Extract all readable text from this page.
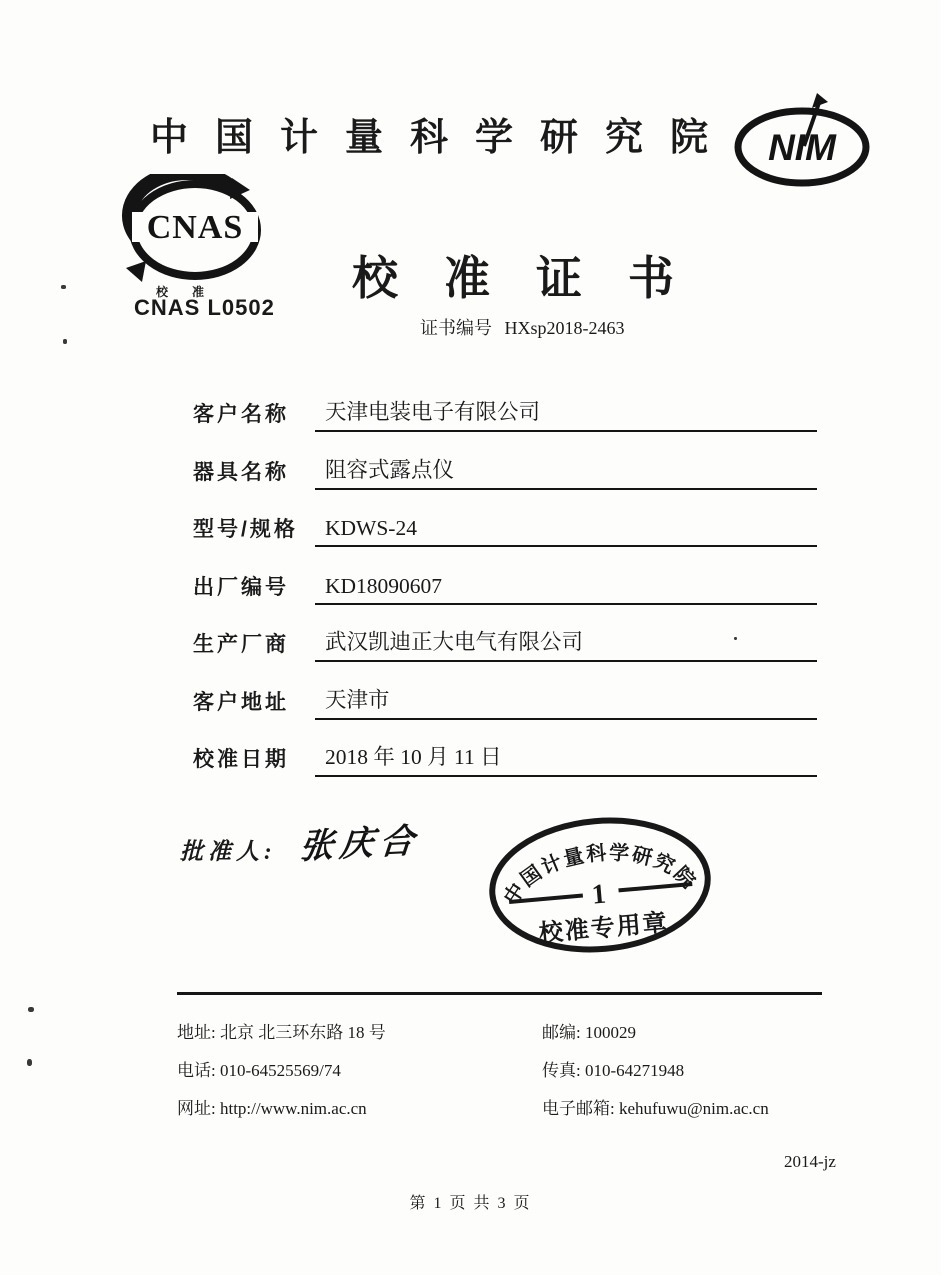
中国计量科学研究院 NIM
CNAS
校准
CNAS L0502
校准证书
证书编号 HXsp2018-2463
客户名称	天津电装电子有限公司
器具名称	阻容式露点仪
型号/规格	KDWS-24
出厂编号	KD18090607
生产厂商	武汉凯迪正大电气有限公司
客户地址	天津市
校准日期	2018 年 10 月 11 日
批准人: 张庆合
中国计量科学研究院
1
校准专用章
地址: 北京 北三环东路 18 号
电话: 010-64525569/74
网址: http://www.nim.ac.cn
邮编: 100029
传真: 010-64271948
电子邮箱: kehufuwu@nim.ac.cn
2014-jz
第 1 页 共 3 页
